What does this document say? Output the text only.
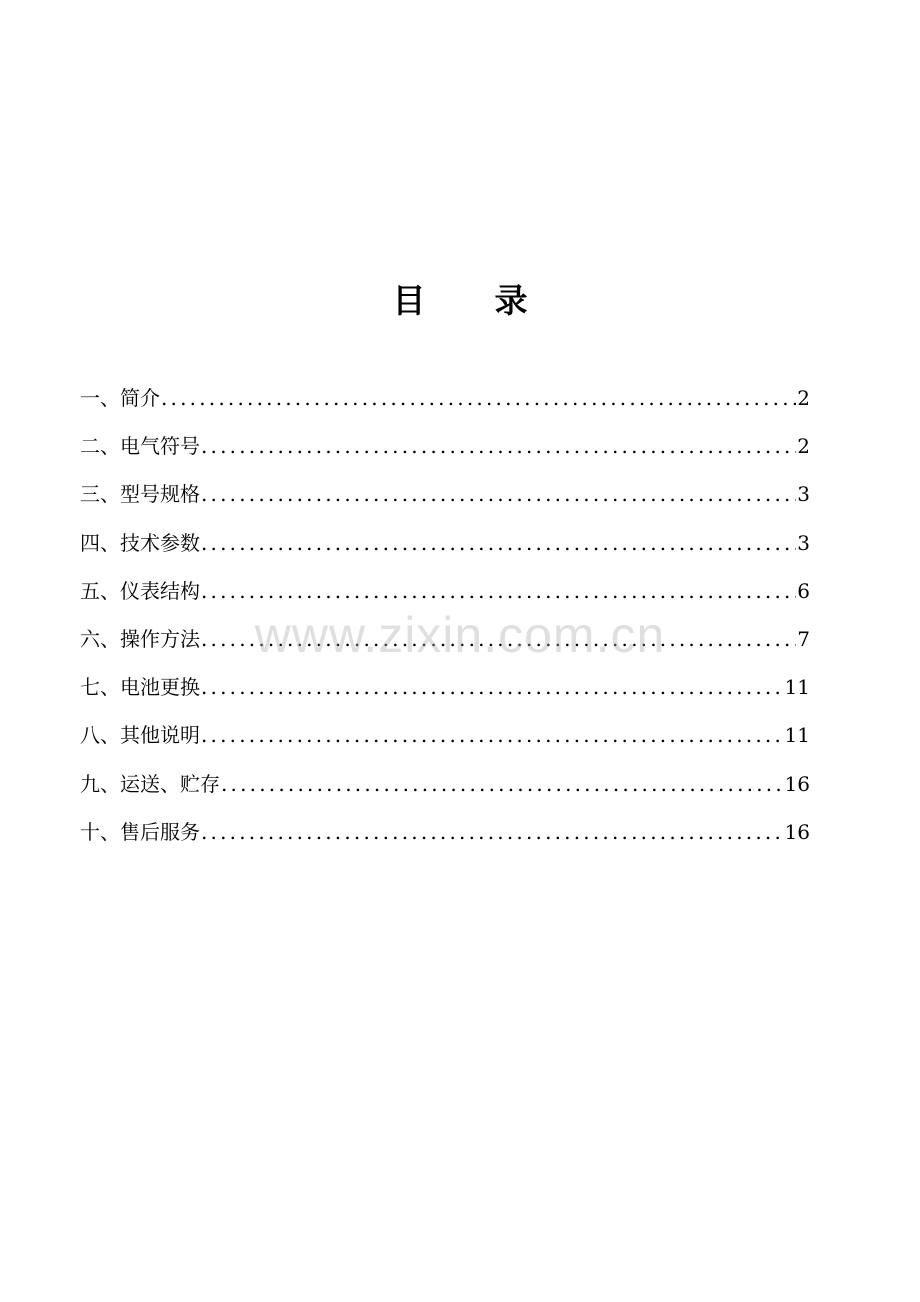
目      录
一、简介 .....	2
二、电气符号 .....	2
三、型号规格 .....	3
四、技术参数 .....	3
五、仪表结构 .....	6
六、操作方法 .....	7
七、电池更换 .....	11
八、其他说明 .....	11
九、运送、贮存 .....	16
十、售后服务 .....	16
www.zixin.com.cn
